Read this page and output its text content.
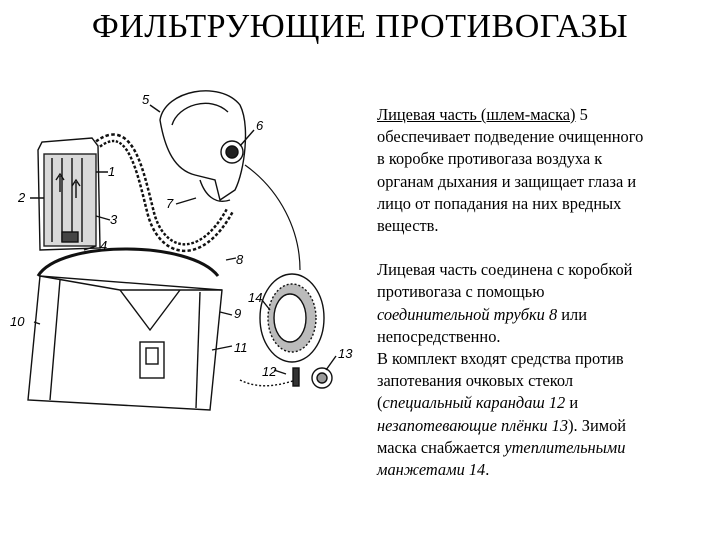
ФИЛЬТРУЮЩИЕ ПРОТИВОГАЗЫ
1
2
3
4
5
6
7
8
9
10
11
12
13
14

Лицевая часть (шлем-маска) 5

обеспечивает подведение очищенного

в коробке противогаза воздуха к

органам дыхания и защищает глаза и

лицо от попадания на них вредных

веществ.

Лицевая часть соединена с коробкой

противогаза с помощью

соединительной трубки 8 или

непосредственно.

В комплект входят средства против

запотевания очковых стекол

(специальный карандаш 12 и

незапотевающие плёнки 13). Зимой

маска снабжается утеплительными

манжетами 14.
